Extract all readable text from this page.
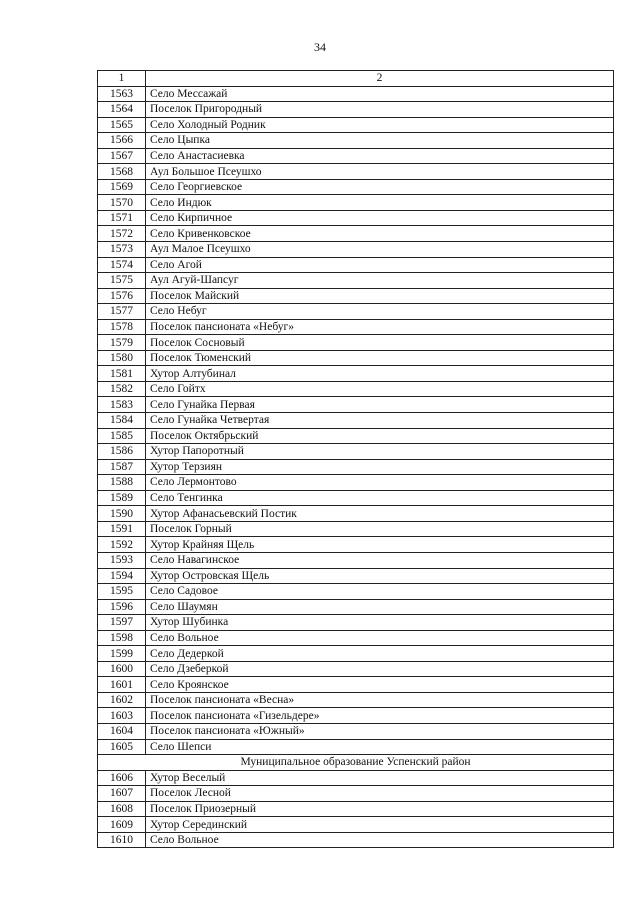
34
1	2
1563	Село Мессажай
1564	Поселок Пригородный
1565	Село Холодный Родник
1566	Село Цыпка
1567	Село Анастасиевка
1568	Аул Большое Псеушхо
1569	Село Георгиевское
1570	Село Индюк
1571	Село Кирпичное
1572	Село Кривенковское
1573	Аул Малое Псеушхо
1574	Село Агой
1575	Аул Агуй-Шапсуг
1576	Поселок Майский
1577	Село Небуг
1578	Поселок пансионата «Небуг»
1579	Поселок Сосновый
1580	Поселок Тюменский
1581	Хутор Алтубинал
1582	Село Гойтх
1583	Село Гунайка Первая
1584	Село Гунайка Четвертая
1585	Поселок Октябрьский
1586	Хутор Папоротный
1587	Хутор Терзиян
1588	Село Лермонтово
1589	Село Тенгинка
1590	Хутор Афанасьевский Постик
1591	Поселок Горный
1592	Хутор Крайняя Щель
1593	Село Навагинское
1594	Хутор Островская Щель
1595	Село Садовое
1596	Село Шаумян
1597	Хутор Шубинка
1598	Село Вольное
1599	Село Дедеркой
1600	Село Дзеберкой
1601	Село Кроянское
1602	Поселок пансионата «Весна»
1603	Поселок пансионата «Гизельдере»
1604	Поселок пансионата «Южный»
1605	Село Шепси
Муниципальное образование Успенский район	
1606	Хутор Веселый
1607	Поселок Лесной
1608	Поселок Приозерный
1609	Хутор Серединский
1610	Село Вольное
